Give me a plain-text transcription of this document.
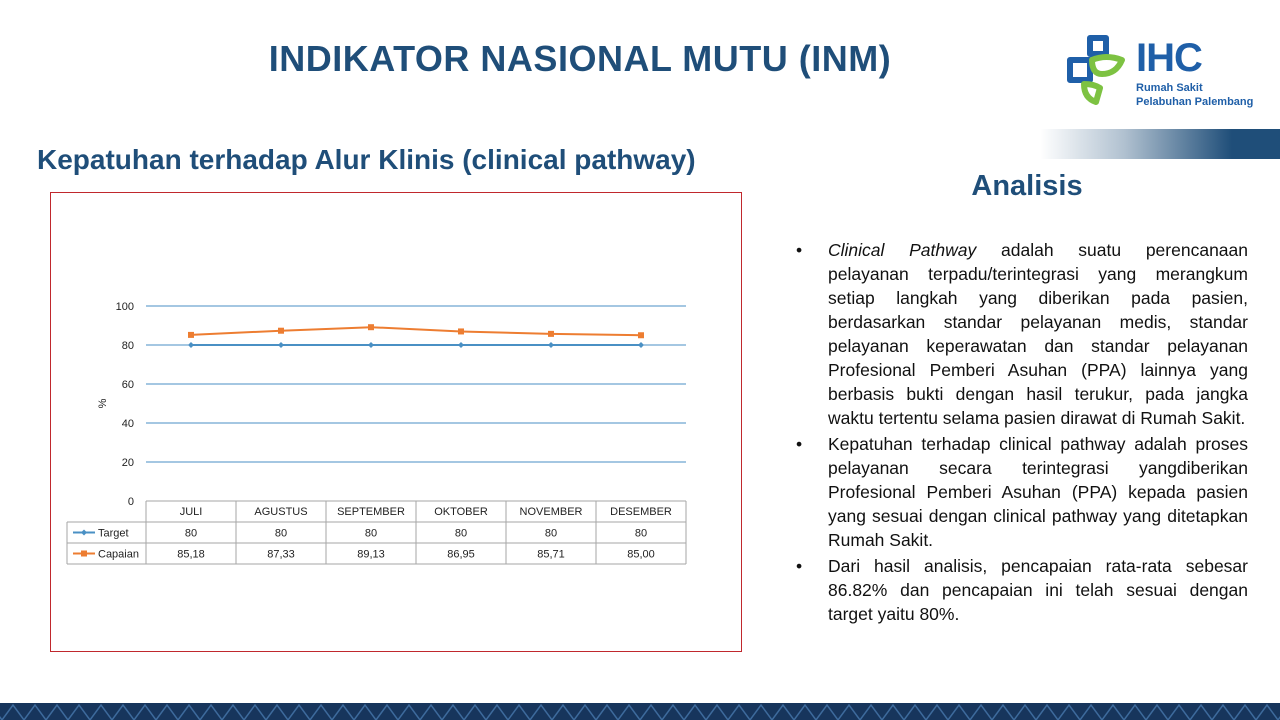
INDIKATOR NASIONAL MUTU (INM)	IHC
Rumah Sakit
Pelabuhan Palembang
Kepatuhan terhadap Alur Klinis (clinical pathway)
Analisis
0
20
40
60
80
100
%
JULI	AGUSTUS	SEPTEMBER	OKTOBER	NOVEMBER	DESEMBER
Target	80	80	80	80	80	80
Capaian	85,18	87,33	89,13	86,95	85,71	85,00

• Clinical Pathway adalah suatu perencanaan pelayanan terpadu/terintegrasi yang merangkum setiap langkah yang diberikan pada pasien, berdasarkan standar pelayanan medis, standar pelayanan keperawatan dan standar pelayanan Profesional Pemberi Asuhan (PPA) lainnya yang berbasis bukti dengan hasil terukur, pada jangka waktu tertentu selama pasien dirawat di Rumah Sakit.

• Kepatuhan terhadap clinical pathway adalah proses pelayanan secara terintegrasi yangdiberikan Profesional Pemberi Asuhan (PPA) kepada pasien yang sesuai dengan clinical pathway yang ditetapkan Rumah Sakit.

• Dari hasil analisis, pencapaian rata-rata sebesar 86.82% dan pencapaian ini telah sesuai dengan target yaitu 80%.
